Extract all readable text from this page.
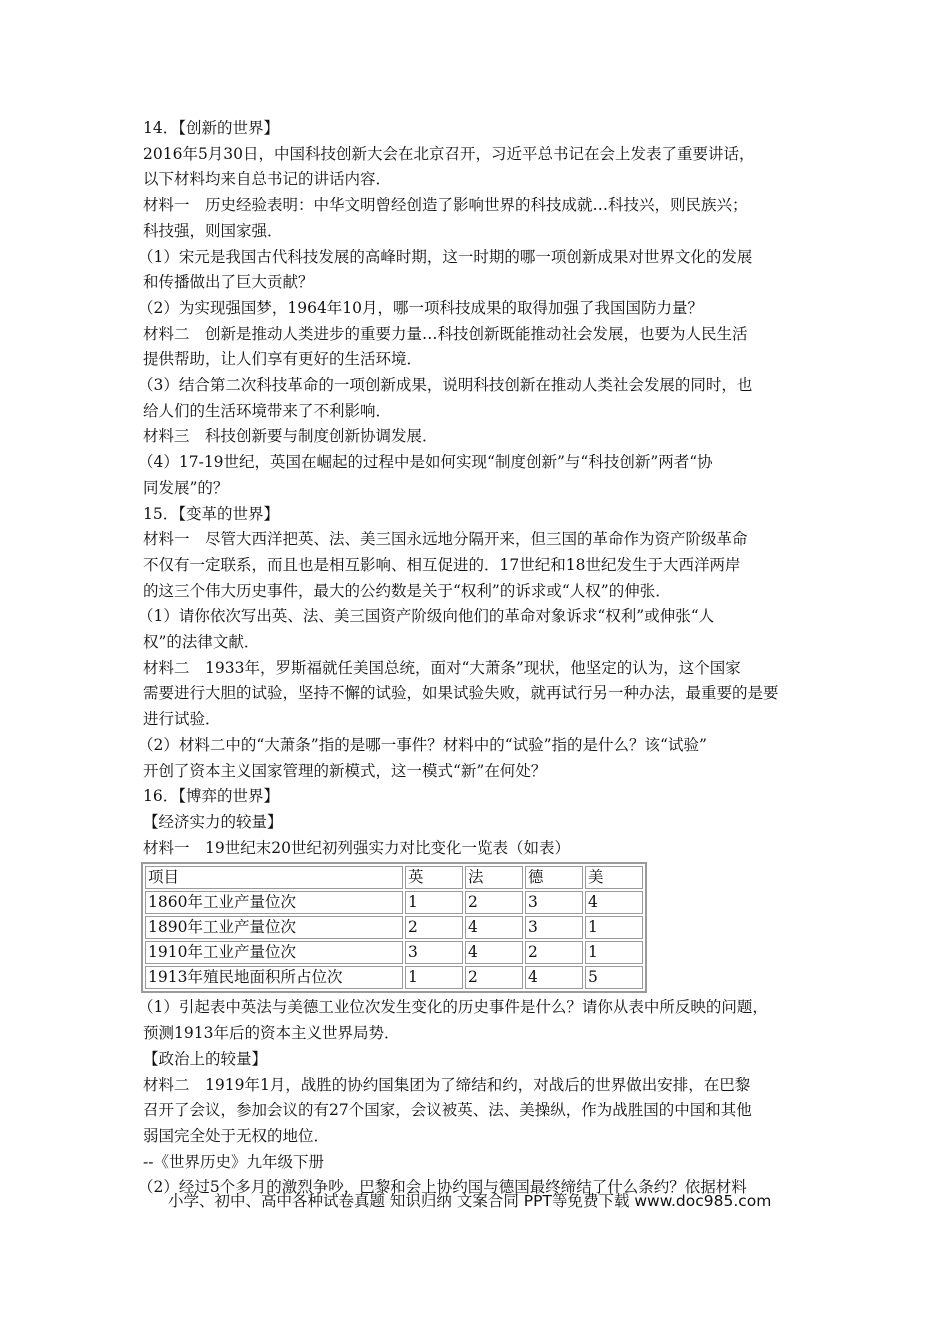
14．【创新的世界】

2016年5月30日，中国科技创新大会在北京召开，习近平总书记在会上发表了重要讲话，

以下材料均来自总书记的讲话内容．

材料一　历史经验表明：中华文明曾经创造了影响世界的科技成就…科技兴，则民族兴；

科技强，则国家强．

（1）宋元是我国古代科技发展的高峰时期，这一时期的哪一项创新成果对世界文化的发展

和传播做出了巨大贡献？

（2）为实现强国梦，1964年10月，哪一项科技成果的取得加强了我国国防力量？

材料二　创新是推动人类进步的重要力量…科技创新既能推动社会发展，也要为人民生活

提供帮助，让人们享有更好的生活环境．

（3）结合第二次科技革命的一项创新成果，说明科技创新在推动人类社会发展的同时，也

给人们的生活环境带来了不利影响．

材料三　科技创新要与制度创新协调发展．

（4）17-19世纪，英国在崛起的过程中是如何实现“制度创新”与“科技创新”两者“协

同发展”的？

15．【变革的世界】

材料一　尽管大西洋把英、法、美三国永远地分隔开来，但三国的革命作为资产阶级革命

不仅有一定联系，而且也是相互影响、相互促进的．17世纪和18世纪发生于大西洋两岸

的这三个伟大历史事件，最大的公约数是关于“权利”的诉求或“人权”的伸张．

（1）请你依次写出英、法、美三国资产阶级向他们的革命对象诉求“权利”或伸张“人

权”的法律文献．

材料二　1933年，罗斯福就任美国总统，面对“大萧条”现状，他坚定的认为，这个国家

需要进行大胆的试验，坚持不懈的试验，如果试验失败，就再试行另一种办法，最重要的是要

进行试验．

（2）材料二中的“大萧条”指的是哪一事件？材料中的“试验”指的是什么？该“试验”

开创了资本主义国家管理的新模式，这一模式“新”在何处？

16．【博弈的世界】

【经济实力的较量】

材料一　19世纪末20世纪初列强实力对比变化一览表（如表）

项目	英	法	德	美
1860年工业产量位次	1	2	3	4
1890年工业产量位次	2	4	3	1
1910年工业产量位次	3	4	2	1
1913年殖民地面积所占位次	1	2	4	5

（1）引起表中英法与美德工业位次发生变化的历史事件是什么？请你从表中所反映的问题，

预测1913年后的资本主义世界局势．

【政治上的较量】

材料二　1919年1月，战胜的协约国集团为了缔结和约，对战后的世界做出安排，在巴黎

召开了会议，参加会议的有27个国家，会议被英、法、美操纵，作为战胜国的中国和其他

弱国完全处于无权的地位．

--《世界历史》九年级下册

（2）经过5个多月的激烈争吵，巴黎和会上协约国与德国最终缔结了什么条约？依据材料

小学、初中、高中各种试卷真题 知识归纳 文案合同 PPT等免费下载 www.doc985.com
